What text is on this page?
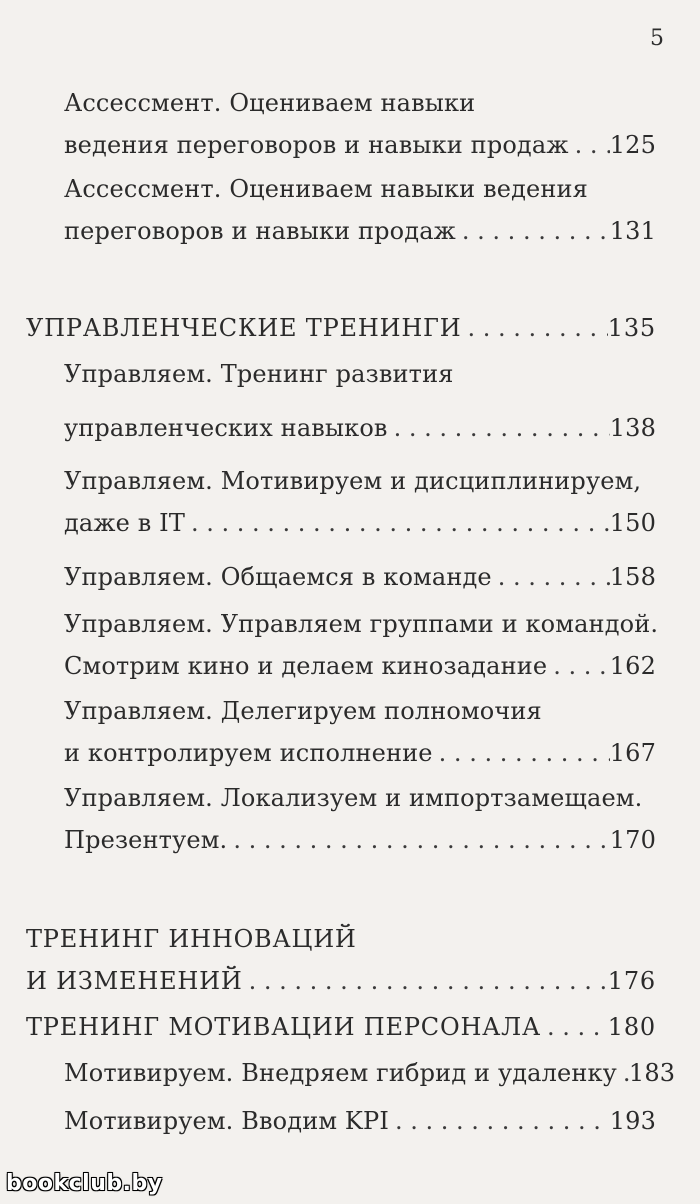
5
Ассессмент. Оцениваем навыки
ведения переговоров и навыки продаж . . . 125
Ассессмент. Оцениваем навыки ведения
переговоров и навыки продаж . . .	131
УПРАВЛЕНЧЕСКИЕ ТРЕНИНГИ . . .	135
Управляем. Тренинг развития
управленческих навыков . . .	138
Управляем. Мотивируем и дисциплинируем,
даже в IT . . .	150
Управляем. Общаемся в команде . . .	158
Управляем. Управляем группами и командой.
Смотрим кино и делаем кинозадание . . .	162
Управляем. Делегируем полномочия
и контролируем исполнение . . .	167
Управляем. Локализуем и импортзамещаем.
Презентуем. . . .	170
ТРЕНИНГ ИННОВАЦИЙ
И ИЗМЕНЕНИЙ . . .	176
ТРЕНИНГ МОТИВАЦИИ ПЕРСОНАЛА . . .	180
Мотивируем. Внедряем гибрид и удаленку . . . 183
Мотивируем. Вводим KPI . . .	193
bookclub.by
